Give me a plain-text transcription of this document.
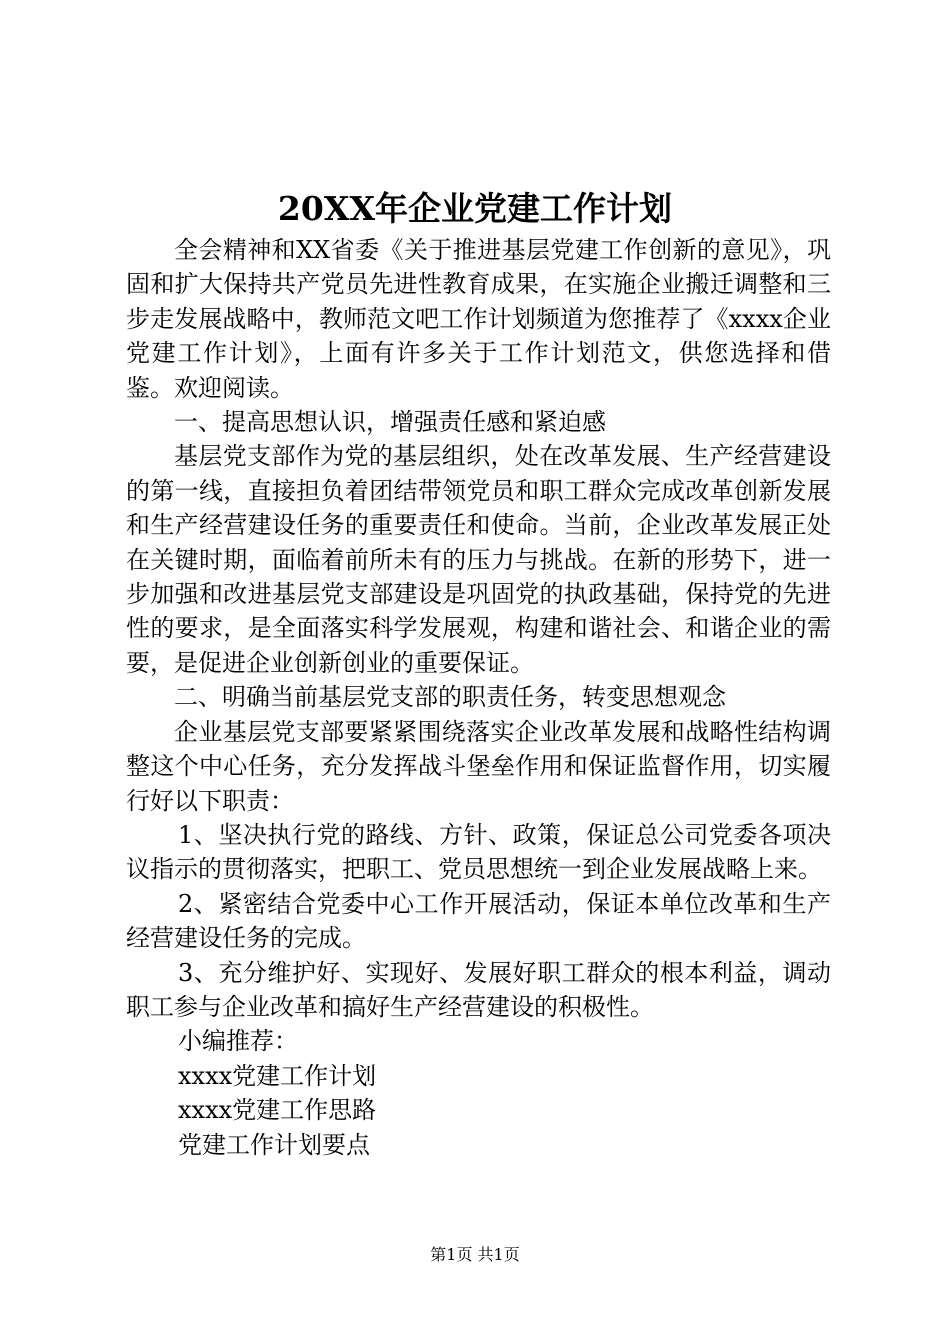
20XX年企业党建工作计划

全会精神和XX省委《关于推进基层党建工作创新的意见》，巩固和扩大保持共产党员先进性教育成果，在实施企业搬迁调整和三步走发展战略中，教师范文吧工作计划频道为您推荐了《xxxx企业党建工作计划》，上面有许多关于工作计划范文，供您选择和借鉴。欢迎阅读。

一、提高思想认识，增强责任感和紧迫感

基层党支部作为党的基层组织，处在改革发展、生产经营建设的第一线，直接担负着团结带领党员和职工群众完成改革创新发展和生产经营建设任务的重要责任和使命。当前，企业改革发展正处在关键时期，面临着前所未有的压力与挑战。在新的形势下，进一步加强和改进基层党支部建设是巩固党的执政基础，保持党的先进性的要求，是全面落实科学发展观，构建和谐社会、和谐企业的需要，是促进企业创新创业的重要保证。

二、明确当前基层党支部的职责任务，转变思想观念

企业基层党支部要紧紧围绕落实企业改革发展和战略性结构调整这个中心任务，充分发挥战斗堡垒作用和保证监督作用，切实履行好以下职责：

1、坚决执行党的路线、方针、政策，保证总公司党委各项决议指示的贯彻落实，把职工、党员思想统一到企业发展战略上来。

2、紧密结合党委中心工作开展活动，保证本单位改革和生产经营建设任务的完成。

3、充分维护好、实现好、发展好职工群众的根本利益，调动职工参与企业改革和搞好生产经营建设的积极性。

小编推荐：
xxxx党建工作计划
xxxx党建工作思路
党建工作计划要点
第1页 共1页
